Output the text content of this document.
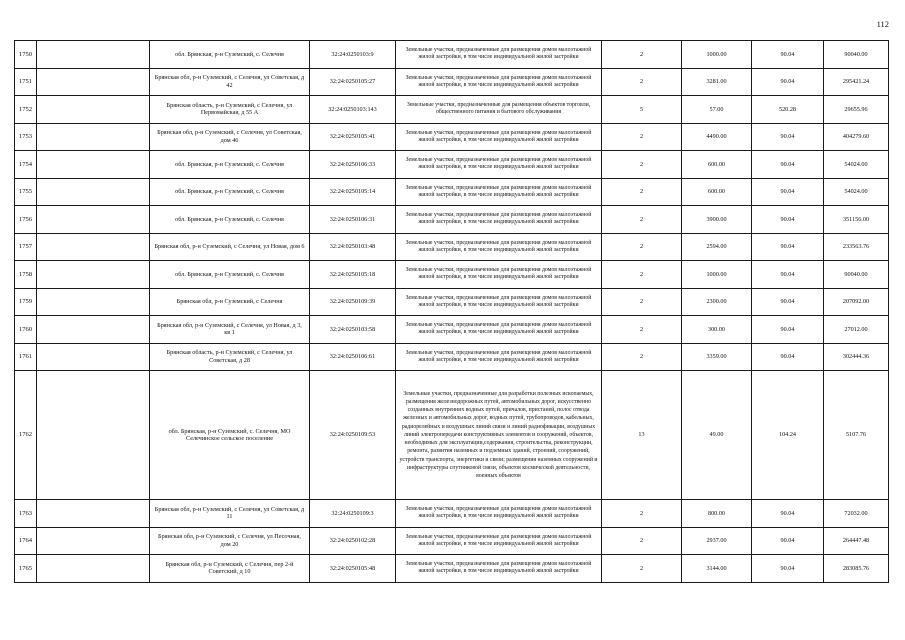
112
1750		обл. Брянская, р-н Суземский, с. Селечня	32:24:0250103:9	Земельные участки, предназначенные для размещения домов малоэтажной жилой застройки, в том числе индивидуальной жилой застройки	2	1000.00	90.04	90040.00
1751		Брянская обл, р-н Суземский, с Селечня, ул Советская, д 42	32:24:0250105:27	Земельные участки, предназначенные для размещения домов малоэтажной жилой застройки, в том числе индивидуальной жилой застройки	2	3281.00	90.04	295421.24
1752		Брянская область, р-н Суземский, с Селечня, ул Первомайская, д 55 А	32:24:0250103:143	Земельные участки, предназначенные для размещения объектов торговли, общественного питания и бытового обслуживания	5	57.00	520.28	29655.96
1753		Брянская обл, р-н Суземский, с Селечня, ул Советская, дом 46	32:24:0250105:41	Земельные участки, предназначенные для размещения домов малоэтажной жилой застройки, в том числе индивидуальной жилой застройки	2	4490.00	90.04	404279.60
1754		обл. Брянская, р-н Суземский, с. Селечня	32:24:0250106:33	Земельные участки, предназначенные для размещения домов малоэтажной жилой застройки, в том числе индивидуальной жилой застройки	2	600.00	90.04	54024.00
1755		обл. Брянская, р-н Суземский, с. Селечня	32:24:0250105:14	Земельные участки, предназначенные для размещения домов малоэтажной жилой застройки, в том числе индивидуальной жилой застройки	2	600.00	90.04	54024.00
1756		обл. Брянская, р-н Суземский, с. Селечня	32:24:0250106:31	Земельные участки, предназначенные для размещения домов малоэтажной жилой застройки, в том числе индивидуальной жилой застройки	2	3900.00	90.04	351156.00
1757		Брянская обл, р-н Суземский, с Селечня, ул Новая, дом 6	32:24:0250103:48	Земельные участки, предназначенные для размещения домов малоэтажной жилой застройки, в том числе индивидуальной жилой застройки	2	2594.00	90.04	233563.76
1758		обл. Брянская, р-н Суземский, с. Селечня	32:24:0250105:18	Земельные участки, предназначенные для размещения домов малоэтажной жилой застройки, в том числе индивидуальной жилой застройки	2	1000.00	90.04	90040.00
1759		Брянская обл, р-н Суземский, с Селечня	32:24:0250109:39	Земельные участки, предназначенные для размещения домов малоэтажной жилой застройки, в том числе индивидуальной жилой застройки	2	2300.00	90.04	207092.00
1760		Брянская обл, р-н Суземский, с Селечня, ул Новая, д 3, кв 1	32:24:0250103:58	Земельные участки, предназначенные для размещения домов малоэтажной жилой застройки, в том числе индивидуальной жилой застройки	2	300.00	90.04	27012.00
1761		Брянская область, р-н Суземский, с Селечня, ул Советская, д 28	32:24:0250106:61	Земельные участки, предназначенные для размещения домов малоэтажной жилой застройки, в том числе индивидуальной жилой застройки	2	3359.00	90.04	302444.36
1762		обл. Брянская, р-н Суземский, с. Селечня, МО Селечинское сельское поселение	32:24:0250109:53	Земельные участки, предназначенные для разработки полезных ископаемых, размещения железнодорожных путей, автомобильных дорог, искусственно созданных внутренних водных путей, причалов, пристаней, полос отвода железных и автомобильных дорог, водных путей, трубопроводов, кабельных, радиорелейных и воздушных линий связи и линий радиофикации, воздушных линий электропередачи конструктивных элементов и сооружений, объектов, необходимых для эксплуатации,содержания, строительства, реконструкции, ремонта, развития наземных и подземных зданий, строений, сооружений, устройств транспорта, энергетики и связи; размещения наземных сооружений и инфраструктуры спутниковой связи, объектов космической деятельности, военных объектов	13	49.00	104.24	5107.76
1763		Брянская обл, р-н Суземский, с Селечня, ул Советская, д 11	32:24:0250109:3	Земельные участки, предназначенные для размещения домов малоэтажной жилой застройки, в том числе индивидуальной жилой застройки	2	800.00	90.04	72032.00
1764		Брянская обл, р-н Суземский, с Селечня, ул Песочная, дом 20	32:24:0250102:28	Земельные участки, предназначенные для размещения домов малоэтажной жилой застройки, в том числе индивидуальной жилой застройки	2	2937.00	90.04	264447.48
1765		Брянская обл, р-н Суземский, с Селечня, пер 2-й Советский, д 10	32:24:0250105:48	Земельные участки, предназначенные для размещения домов малоэтажной жилой застройки, в том числе индивидуальной жилой застройки	2	3144.00	90.04	283085.76
